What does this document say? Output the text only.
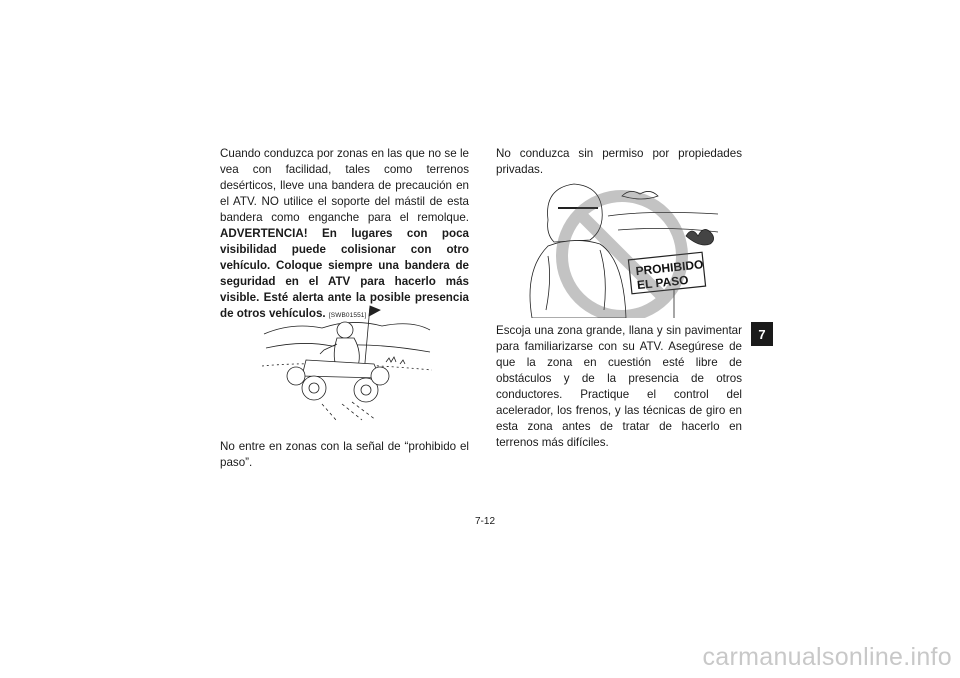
Cuando conduzca por zonas en las que no se le vea con facilidad, tales como terrenos desérticos, lleve una bandera de precaución en el ATV. NO utilice el soporte del mástil de esta bandera como enganche para el remolque. ADVERTENCIA! En lugares con poca visibilidad puede colisionar con otro vehículo. Coloque siempre una bandera de seguridad en el ATV para hacerlo más visible. Esté alerta ante la posible presencia de otros vehículos. [SWB01551]

No entre en zonas con la señal de “prohibido el paso”.

No conduzca sin permiso por propiedades privadas.

PROHIBIDO
EL PASO

Escoja una zona grande, llana y sin pavimentar para familiarizarse con su ATV. Asegúrese de que la zona en cuestión esté libre de obstáculos y de la presencia de otros conductores. Practique el control del acelerador, los frenos, y las técnicas de giro en esta zona antes de tratar de hacerlo en terrenos más difíciles.

7
7-12
carmanualsonline.info
